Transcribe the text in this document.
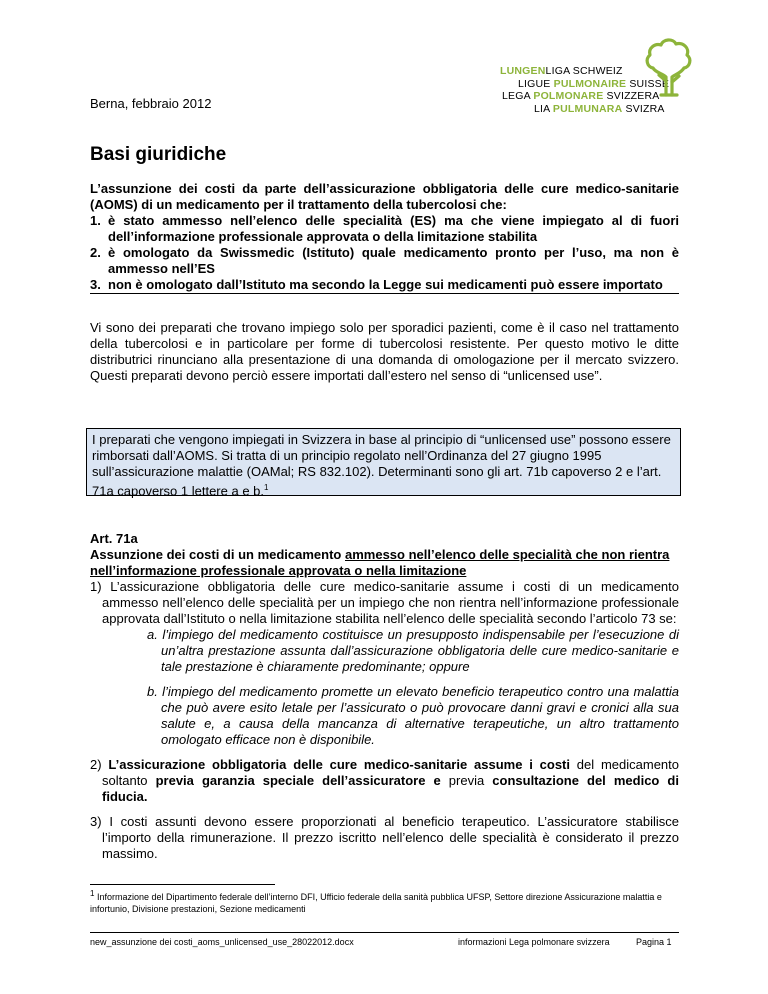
Berna, febbraio 2012
LUNGENLIGA SCHWEIZ
LIGUE PULMONAIRE SUISSE
LEGA POLMONARE SVIZZERA
LIA PULMUNARA SVIZRA
Basi giuridiche
L’assunzione dei costi da parte dell’assicurazione obbligatoria delle cure medico-sanitarie (AOMS) di un medicamento per il trattamento della tubercolosi che:
1. è stato ammesso nell’elenco delle specialità (ES) ma che viene impiegato al di fuori dell’informazione professionale approvata o della limitazione stabilita
2. è omologato da Swissmedic (Istituto) quale medicamento pronto per l’uso, ma non è ammesso nell’ES
3. non è omologato dall’Istituto ma secondo la Legge sui medicamenti può essere importato
Vi sono dei preparati che trovano impiego solo per sporadici pazienti, come è il caso nel trattamento della tubercolosi e in particolare per forme di tubercolosi resistente. Per questo motivo le ditte distributrici rinunciano alla presentazione di una domanda di omologazione per il mercato svizzero. Questi preparati devono perciò essere importati dall’estero nel senso di “unlicensed use”.
I preparati che vengono impiegati in Svizzera in base al principio di “unlicensed use” possono essere rimborsati dall’AOMS. Si tratta di un principio regolato nell’Ordinanza del 27 giugno 1995 sull’assicurazione malattie (OAMal; RS 832.102). Determinanti sono gli art. 71b capoverso 2 e l’art. 71a capoverso 1 lettere a e b.$^1$
Art. 71a
Assunzione dei costi di un medicamento ammesso nell’elenco delle specialità che non rientra nell’informazione professionale approvata o nella limitazione
1) L’assicurazione obbligatoria delle cure medico-sanitarie assume i costi di un medicamento ammesso nell’elenco delle specialità per un impiego che non rientra nell’informazione professionale approvata dall’Istituto o nella limitazione stabilita nell’elenco delle specialità secondo l’articolo 73 se:
a. l’impiego del medicamento costituisce un presupposto indispensabile per l’esecuzione di un’altra prestazione assunta dall’assicurazione obbligatoria delle cure medico-sanitarie e tale prestazione è chiaramente predominante; oppure
b. l’impiego del medicamento promette un elevato beneficio terapeutico contro una malattia che può avere esito letale per l’assicurato o può provocare danni gravi e cronici alla sua salute e, a causa della mancanza di alternative terapeutiche, un altro trattamento omologato efficace non è disponibile.
2) L’assicurazione obbligatoria delle cure medico-sanitarie assume i costi del medicamento soltanto previa garanzia speciale dell’assicuratore e previa consultazione del medico di fiducia.
3) I costi assunti devono essere proporzionati al beneficio terapeutico. L’assicuratore stabilisce l’importo della rimunerazione. Il prezzo iscritto nell’elenco delle specialità è considerato il prezzo massimo.
$^1$ Informazione del Dipartimento federale dell’interno DFI, Ufficio federale della sanità pubblica UFSP, Settore direzione Assicurazione malattia e infortunio, Divisione prestazioni, Sezione medicamenti
new_assunzione dei costi_aoms_unlicensed_use_28022012.docx	informazioni Lega polmonare svizzera	Pagina 1
